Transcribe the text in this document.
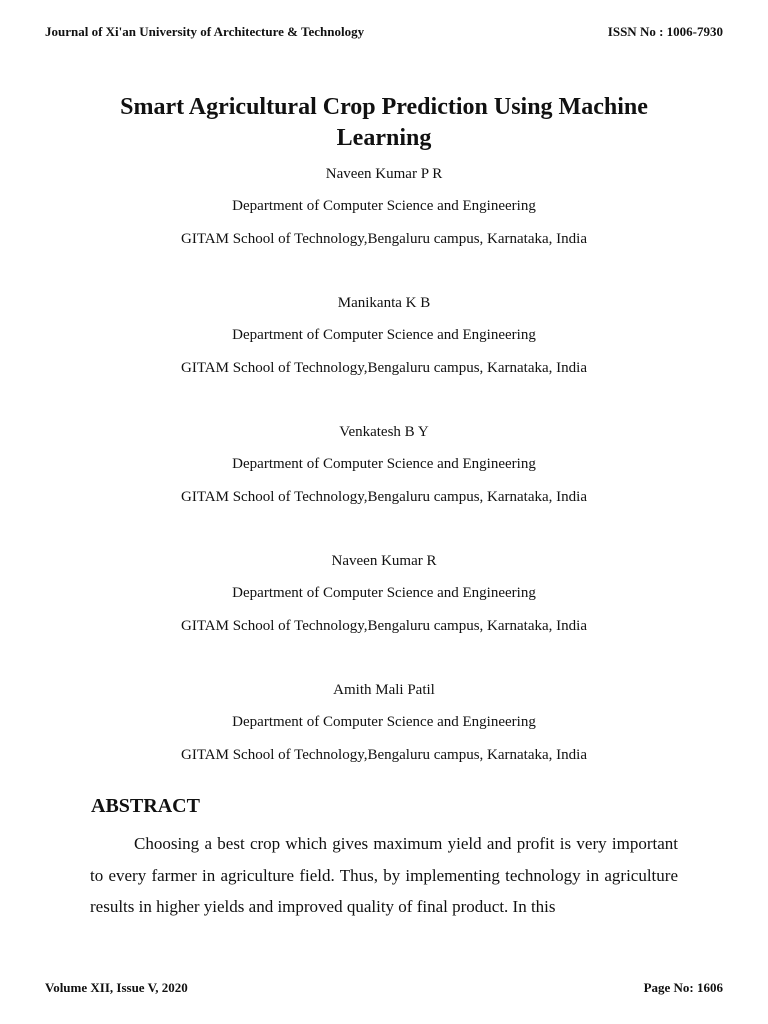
Journal of Xi'an University of Architecture & Technology	ISSN No : 1006-7930
Smart Agricultural Crop Prediction Using Machine Learning
Naveen Kumar P R
Department of Computer Science and Engineering
GITAM School of Technology,Bengaluru campus, Karnataka, India
Manikanta K B
Department of Computer Science and Engineering
GITAM School of Technology,Bengaluru campus, Karnataka, India
Venkatesh B Y
Department of Computer Science and Engineering
GITAM School of Technology,Bengaluru campus, Karnataka, India
Naveen Kumar R
Department of Computer Science and Engineering
GITAM School of Technology,Bengaluru campus, Karnataka, India
Amith Mali Patil
Department of Computer Science and Engineering
GITAM School of Technology,Bengaluru campus, Karnataka, India
ABSTRACT

Choosing a best crop which gives maximum yield and profit is very important to every farmer in agriculture field. Thus, by implementing technology in agriculture results in higher yields and improved quality of final product. In this

Volume XII, Issue V, 2020	Page No: 1606
